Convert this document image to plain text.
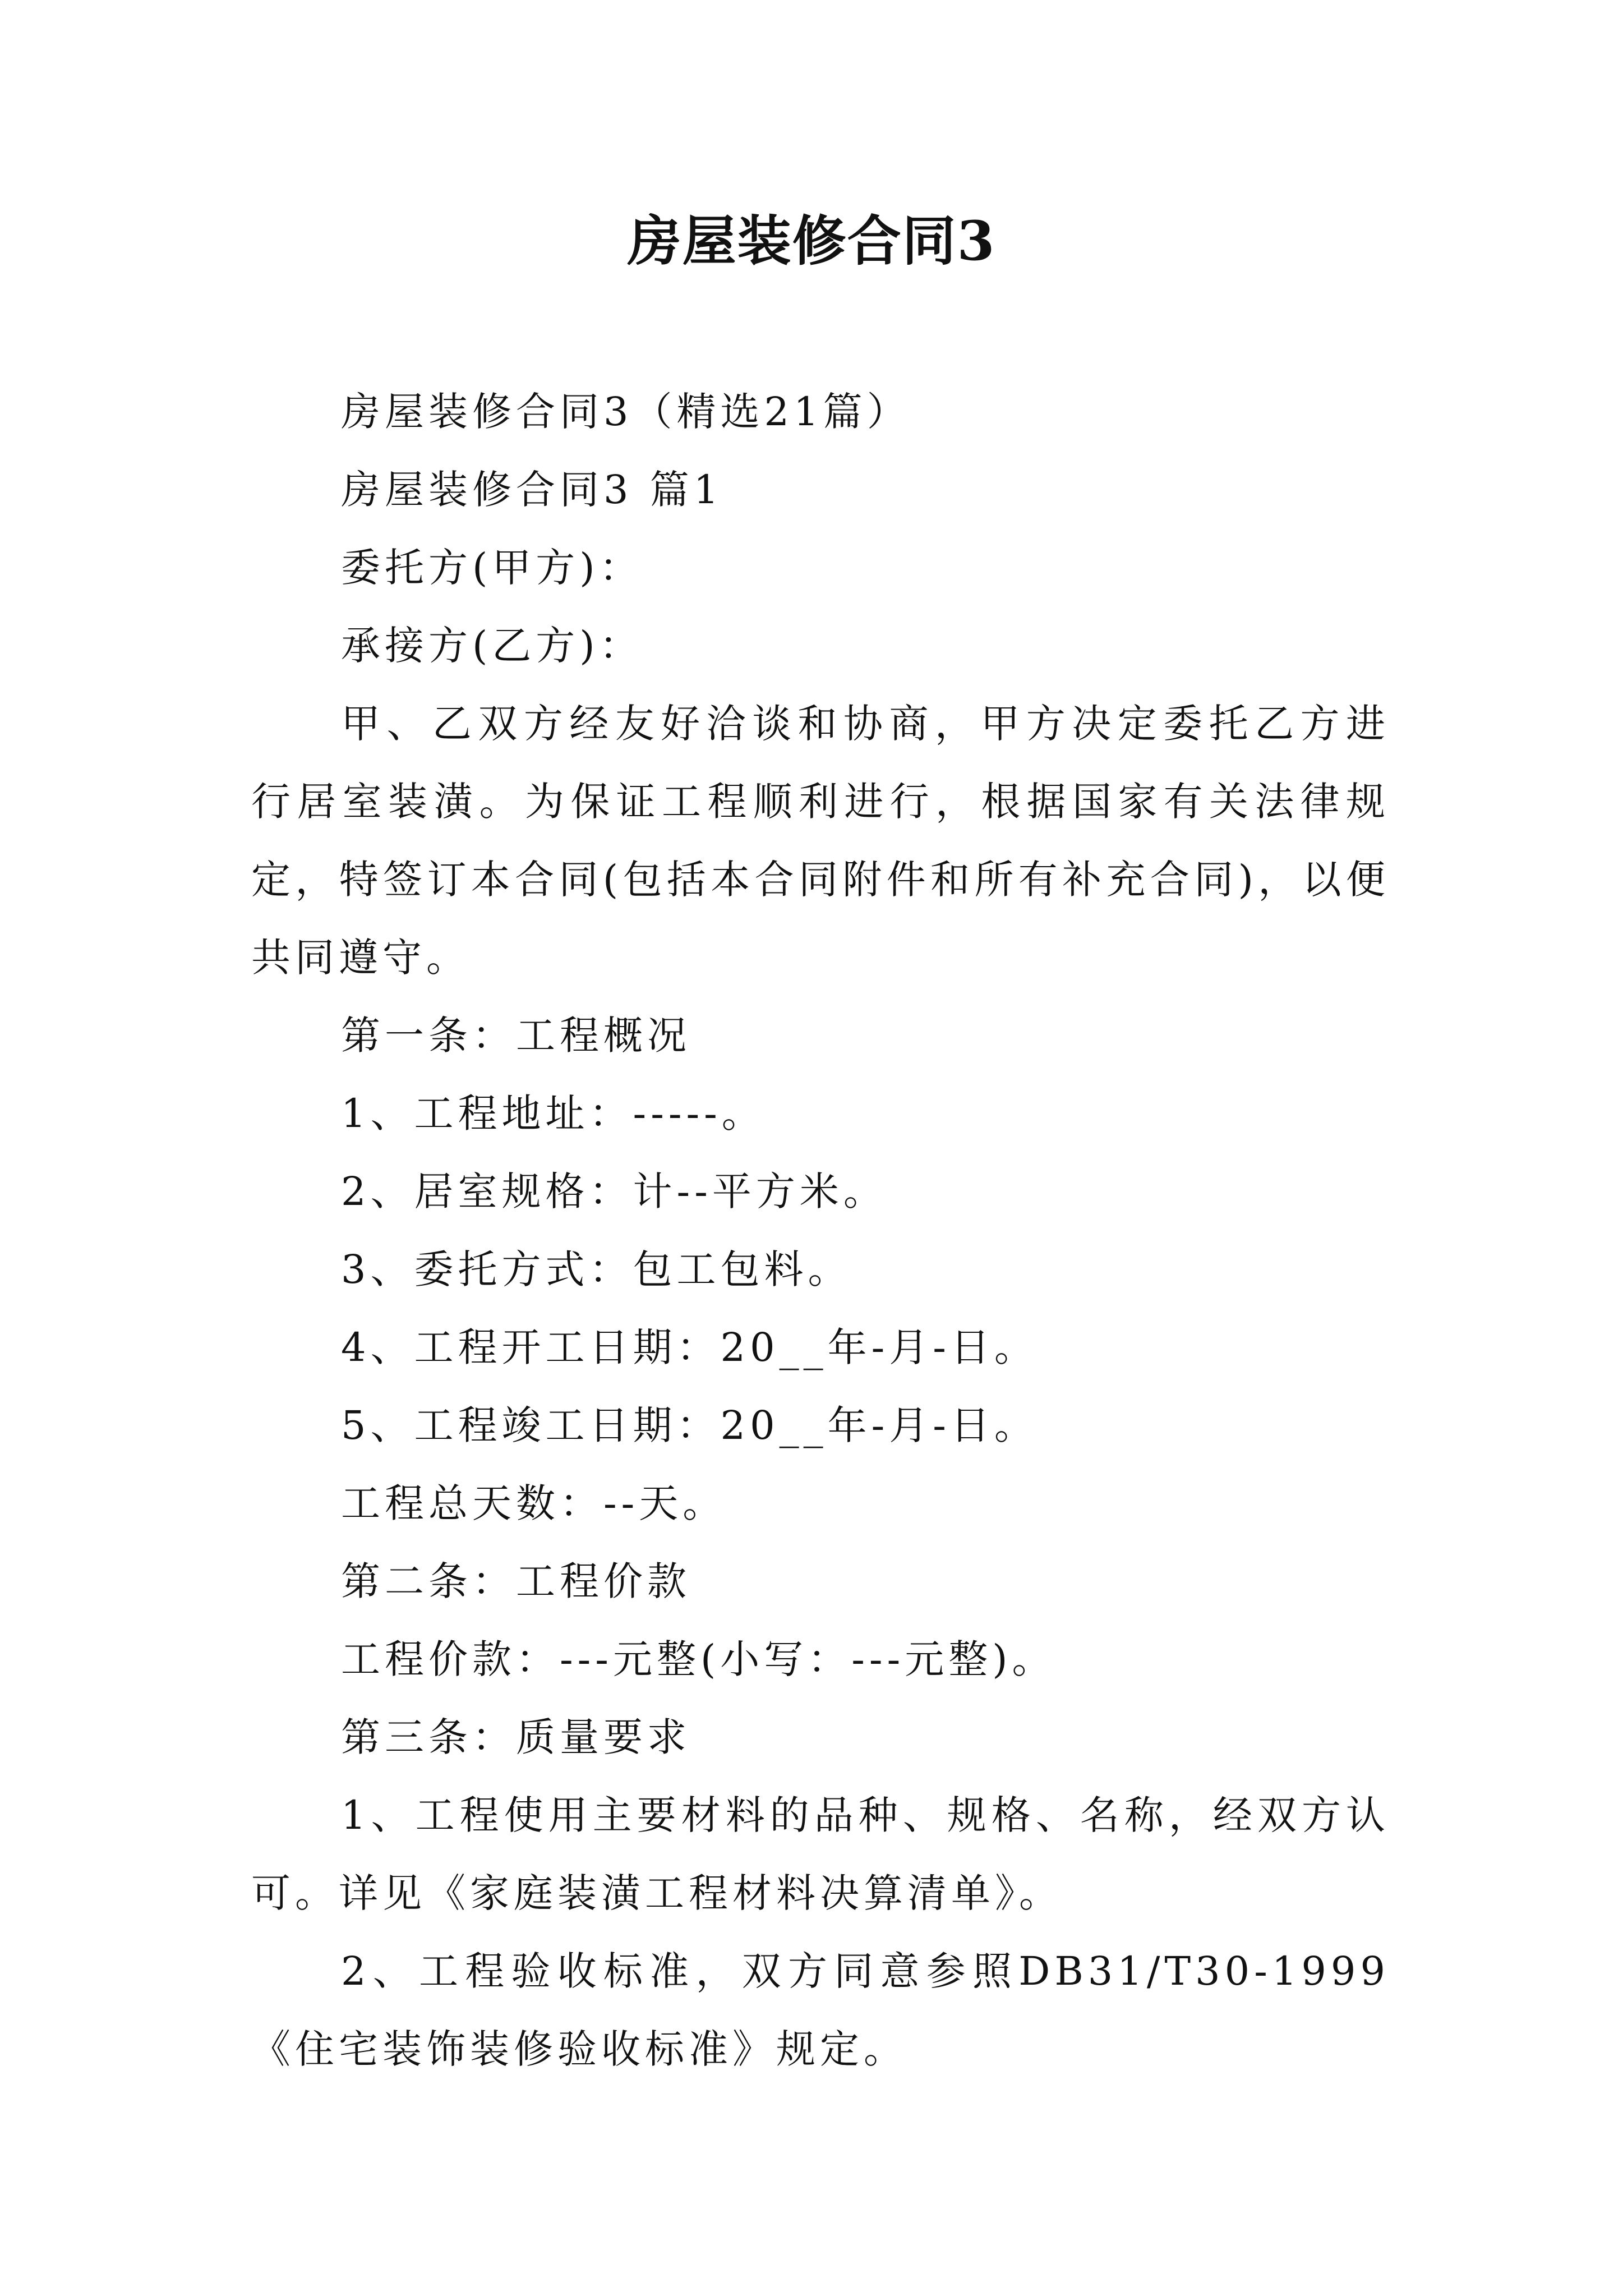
房屋装修合同3

房屋装修合同3（精选21篇）

房屋装修合同3 篇1

委托方(甲方)：

承接方(乙方)：

甲、乙双方经友好洽谈和协商，甲方决定委托乙方进行居室装潢。为保证工程顺利进行，根据国家有关法律规定，特签订本合同(包括本合同附件和所有补充合同)，以便共同遵守。

第一条：工程概况

1、工程地址：-----。

2、居室规格：计--平方米。

3、委托方式：包工包料。

4、工程开工日期：20__年-月-日。

5、工程竣工日期：20__年-月-日。

工程总天数：--天。

第二条：工程价款

工程价款：---元整(小写：---元整)。

第三条：质量要求

1、工程使用主要材料的品种、规格、名称，经双方认可。详见《家庭装潢工程材料决算清单》。

2、工程验收标准，双方同意参照DB31/T30-1999《住宅装饰装修验收标准》规定。
